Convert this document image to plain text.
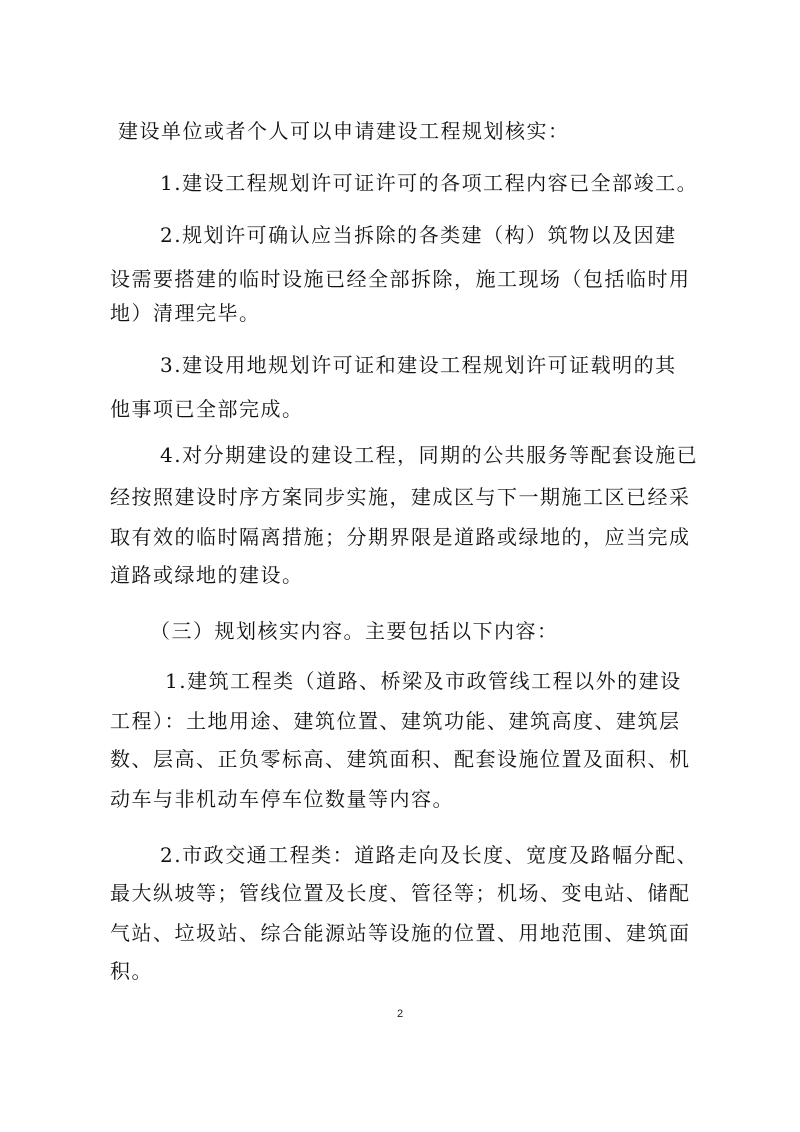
建设单位或者个人可以申请建设工程规划核实：
1.建设工程规划许可证许可的各项工程内容已全部竣工。
2.规划许可确认应当拆除的各类建（构）筑物以及因建
设需要搭建的临时设施已经全部拆除，施工现场（包括临时用
地）清理完毕。
3.建设用地规划许可证和建设工程规划许可证载明的其
他事项已全部完成。
4.对分期建设的建设工程，同期的公共服务等配套设施已
经按照建设时序方案同步实施，建成区与下一期施工区已经采
取有效的临时隔离措施；分期界限是道路或绿地的，应当完成
道路或绿地的建设。
（三）规划核实内容。主要包括以下内容：
1.建筑工程类（道路、桥梁及市政管线工程以外的建设
工程）：土地用途、建筑位置、建筑功能、建筑高度、建筑层
数、层高、正负零标高、建筑面积、配套设施位置及面积、机
动车与非机动车停车位数量等内容。
2.市政交通工程类：道路走向及长度、宽度及路幅分配、
最大纵坡等；管线位置及长度、管径等；机场、变电站、储配
气站、垃圾站、综合能源站等设施的位置、用地范围、建筑面
积。
2
